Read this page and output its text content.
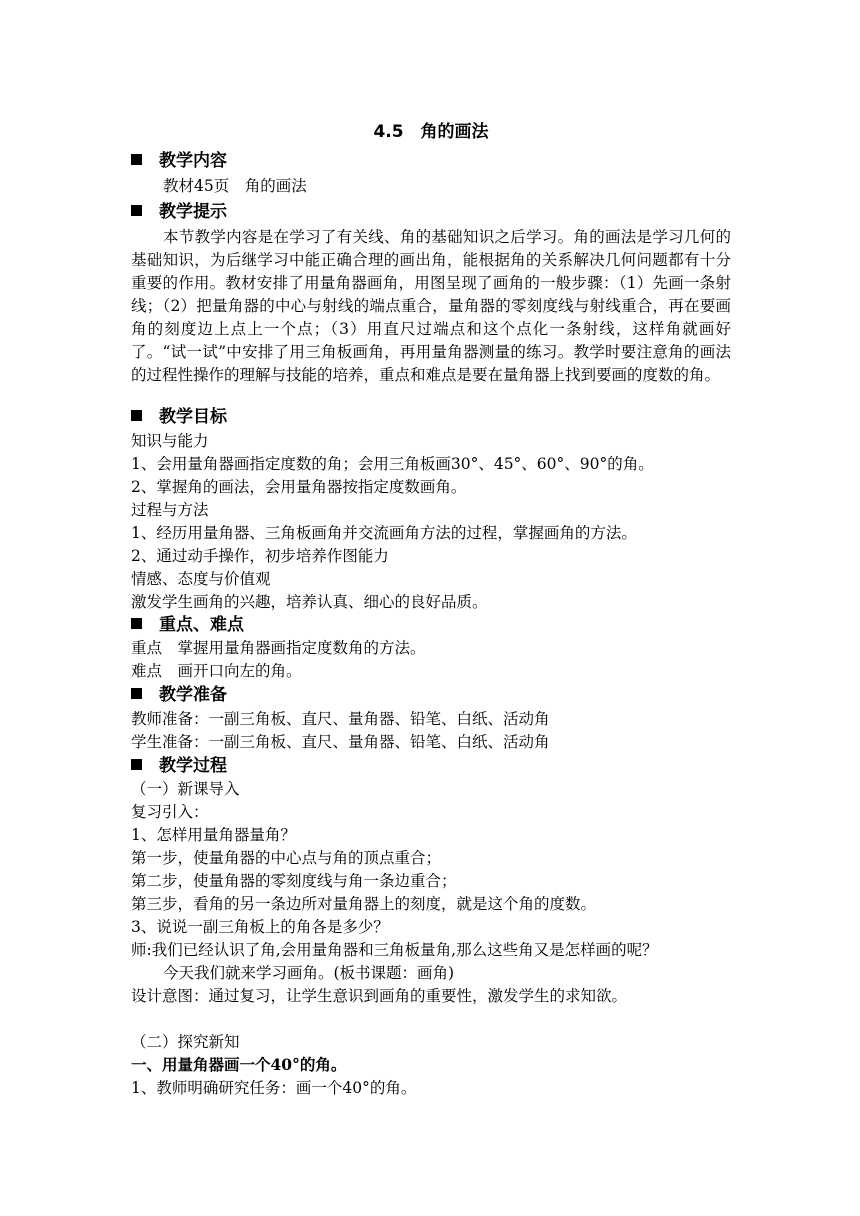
4.5　角的画法
教学内容
教材45页　角的画法
教学提示
本节教学内容是在学习了有关线、角的基础知识之后学习。角的画法是学习几何的基础知识，为后继学习中能正确合理的画出角，能根据角的关系解决几何问题都有十分重要的作用。教材安排了用量角器画角，用图呈现了画角的一般步骤：（1）先画一条射线；（2）把量角器的中心与射线的端点重合，量角器的零刻度线与射线重合，再在要画角的刻度边上点上一个点；（3）用直尺过端点和这个点化一条射线，这样角就画好了。“试一试”中安排了用三角板画角，再用量角器测量的练习。教学时要注意角的画法的过程性操作的理解与技能的培养，重点和难点是要在量角器上找到要画的度数的角。
教学目标
知识与能力
1、会用量角器画指定度数的角；会用三角板画30°、45°、60°、90°的角。
2、掌握角的画法，会用量角器按指定度数画角。
过程与方法
1、经历用量角器、三角板画角并交流画角方法的过程，掌握画角的方法。
2、通过动手操作，初步培养作图能力
情感、态度与价值观
激发学生画角的兴趣，培养认真、细心的良好品质。
重点、难点
重点　掌握用量角器画指定度数角的方法。
难点　画开口向左的角。
教学准备
教师准备：一副三角板、直尺、量角器、铅笔、白纸、活动角
学生准备：一副三角板、直尺、量角器、铅笔、白纸、活动角
教学过程
（一）新课导入
复习引入：
1、怎样用量角器量角？
第一步，使量角器的中心点与角的顶点重合；
第二步，使量角器的零刻度线与角一条边重合；
第三步，看角的另一条边所对量角器上的刻度，就是这个角的度数。
3、说说一副三角板上的角各是多少？
师:我们已经认识了角,会用量角器和三角板量角,那么这些角又是怎样画的呢？
今天我们就来学习画角。(板书课题：画角)
设计意图：通过复习，让学生意识到画角的重要性，激发学生的求知欲。
（二）探究新知
一、用量角器画一个40°的角。
1、教师明确研究任务：画一个40°的角。
